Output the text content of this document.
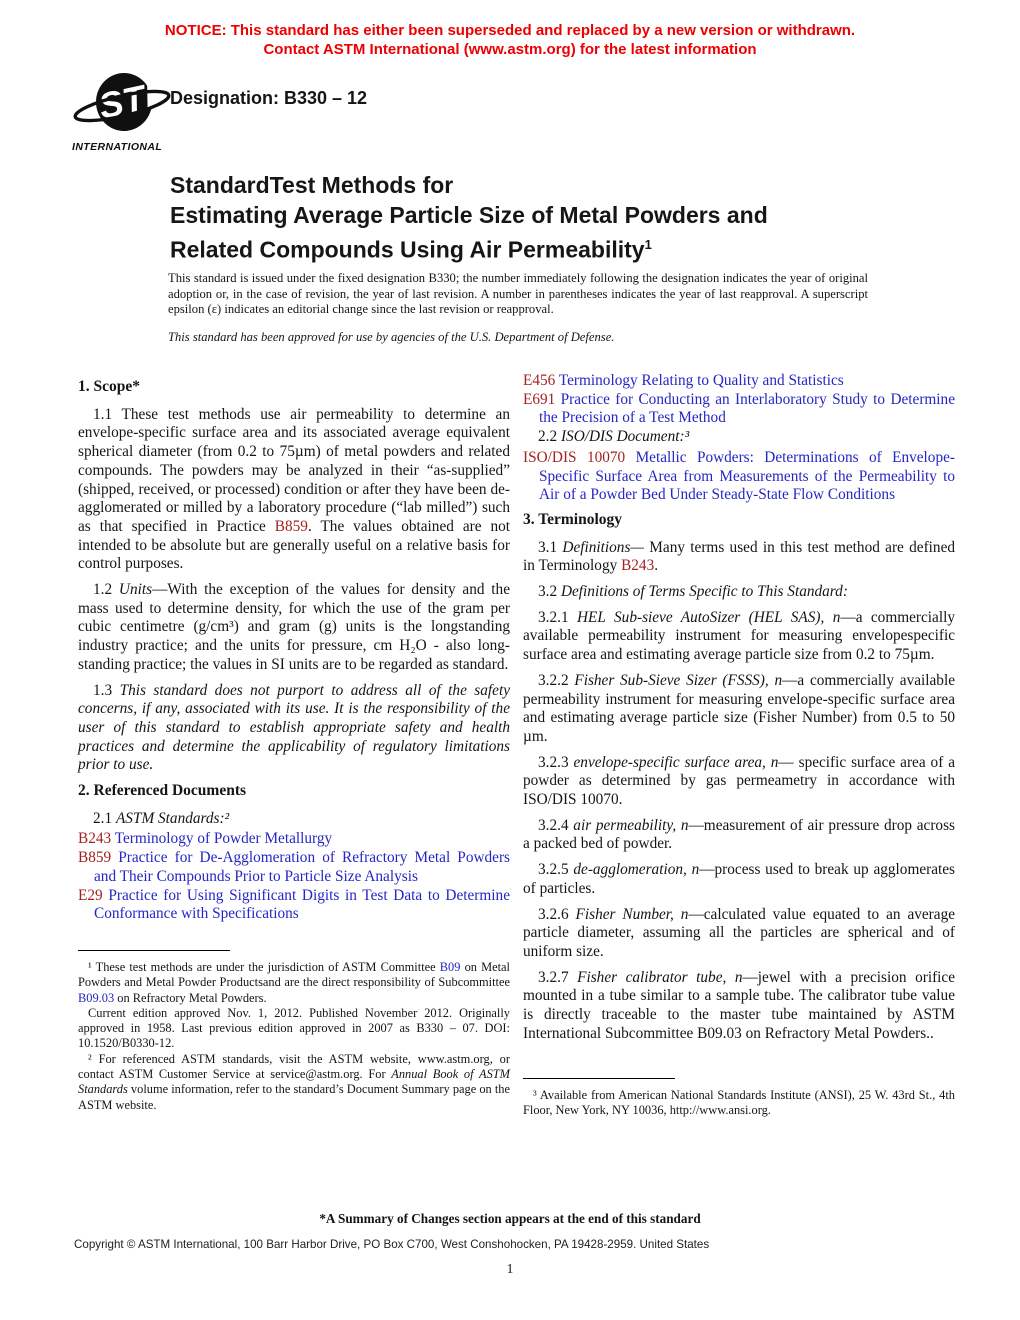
NOTICE: This standard has either been superseded and replaced by a new version or withdrawn.
Contact ASTM International (www.astm.org) for the latest information
ASTM
INTERNATIONAL
Designation: B330 – 12
StandardTest Methods for
Estimating Average Particle Size of Metal Powders and
Related Compounds Using Air Permeability$^1$
This standard is issued under the fixed designation B330; the number immediately following the designation indicates the year of original adoption or, in the case of revision, the year of last revision. A number in parentheses indicates the year of last reapproval. A superscript epsilon (ε) indicates an editorial change since the last revision or reapproval.
This standard has been approved for use by agencies of the U.S. Department of Defense.
1. Scope*

1.1 These test methods use air permeability to determine an envelope-specific surface area and its associated average equivalent spherical diameter (from 0.2 to 75µm) of metal powders and related compounds. The powders may be analyzed in their “as-supplied” (shipped, received, or processed) condition or after they have been de-agglomerated or milled by a laboratory procedure (“lab milled”) such as that specified in Practice B859. The values obtained are not intended to be absolute but are generally useful on a relative basis for control purposes.

1.2 Units—With the exception of the values for density and the mass used to determine density, for which the use of the gram per cubic centimetre (g/cm³) and gram (g) units is the longstanding industry practice; and the units for pressure, cm H₂O - also long-standing practice; the values in SI units are to be regarded as standard.

1.3 This standard does not purport to address all of the safety concerns, if any, associated with its use. It is the responsibility of the user of this standard to establish appropriate safety and health practices and determine the applicability of regulatory limitations prior to use.

2. Referenced Documents

2.1 ASTM Standards:²

B243 Terminology of Powder Metallurgy

B859 Practice for De-Agglomeration of Refractory Metal Powders and Their Compounds Prior to Particle Size Analysis

E29 Practice for Using Significant Digits in Test Data to Determine Conformance with Specifications

¹ These test methods are under the jurisdiction of ASTM Committee B09 on Metal Powders and Metal Powder Productsand are the direct responsibility of Subcommittee B09.03 on Refractory Metal Powders.

Current edition approved Nov. 1, 2012. Published November 2012. Originally approved in 1958. Last previous edition approved in 2007 as B330 – 07. DOI: 10.1520/B0330-12.

² For referenced ASTM standards, visit the ASTM website, www.astm.org, or contact ASTM Customer Service at service@astm.org. For Annual Book of ASTM Standards volume information, refer to the standard’s Document Summary page on the ASTM website.

E456 Terminology Relating to Quality and Statistics

E691 Practice for Conducting an Interlaboratory Study to Determine the Precision of a Test Method

2.2 ISO/DIS Document:³

ISO/DIS 10070 Metallic Powders: Determinations of Envelope-Specific Surface Area from Measurements of the Permeability to Air of a Powder Bed Under Steady-State Flow Conditions

3. Terminology

3.1 Definitions— Many terms used in this test method are defined in Terminology B243.

3.2 Definitions of Terms Specific to This Standard:

3.2.1 HEL Sub-sieve AutoSizer (HEL SAS), n—a commercially available permeability instrument for measuring envelopespecific surface area and estimating average particle size from 0.2 to 75µm.

3.2.2 Fisher Sub-Sieve Sizer (FSSS), n—a commercially available permeability instrument for measuring envelope-specific surface area and estimating average particle size (Fisher Number) from 0.5 to 50 µm.

3.2.3 envelope-specific surface area, n— specific surface area of a powder as determined by gas permeametry in accordance with ISO/DIS 10070.

3.2.4 air permeability, n—measurement of air pressure drop across a packed bed of powder.

3.2.5 de-agglomeration, n—process used to break up agglomerates of particles.

3.2.6 Fisher Number, n—calculated value equated to an average particle diameter, assuming all the particles are spherical and of uniform size.

3.2.7 Fisher calibrator tube, n—jewel with a precision orifice mounted in a tube similar to a sample tube. The calibrator tube value is directly traceable to the master tube maintained by ASTM International Subcommittee B09.03 on Refractory Metal Powders..

³ Available from American National Standards Institute (ANSI), 25 W. 43rd St., 4th Floor, New York, NY 10036, http://www.ansi.org.

*A Summary of Changes section appears at the end of this standard
Copyright © ASTM International, 100 Barr Harbor Drive, PO Box C700, West Conshohocken, PA 19428-2959. United States
1
